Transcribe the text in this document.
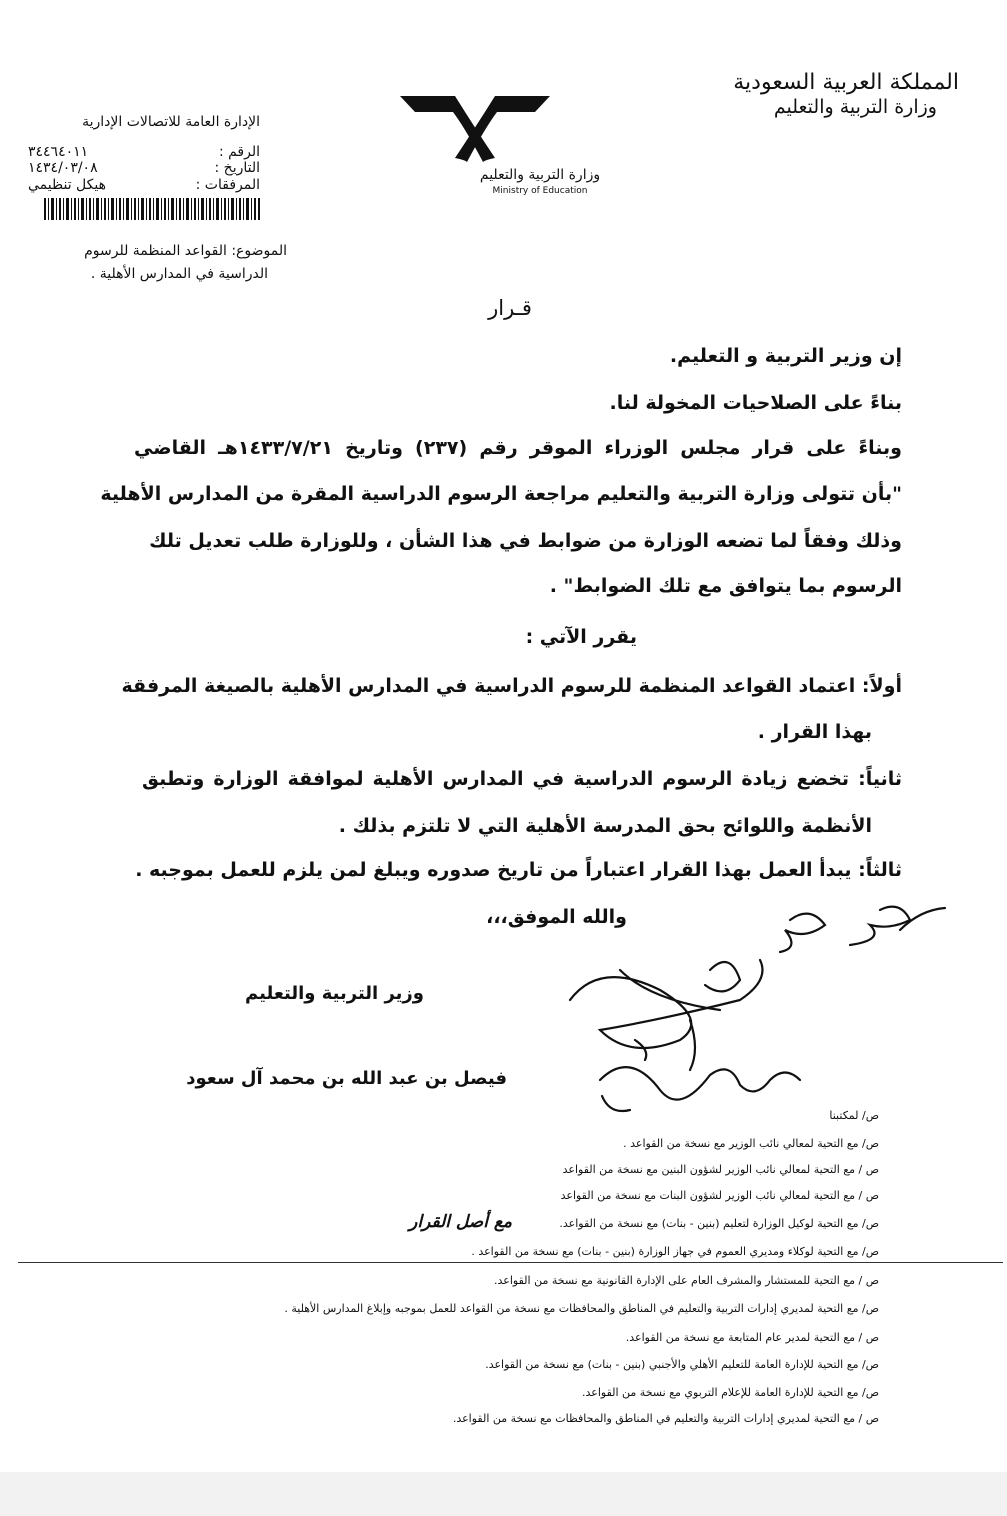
المملكة العربية السعودية
وزارة التربية والتعليم
وزارة التربية والتعليم
Ministry of Education
الإدارة العامة للاتصالات الإدارية
الرقم :
٣٤٤٦٤٠١١
التاريخ :
١٤٣٤/٠٣/٠٨
المرفقات :
هيكل تنظيمي
الموضوع: القواعد المنظمة للرسوم
الدراسية في المدارس الأهلية .
قـرار
إن وزير التربية و التعليم.
بناءً على الصلاحيات المخولة لنا.
وبناءً على قرار مجلس الوزراء الموقر رقم (٢٣٧) وتاريخ ١٤٣٣/٧/٢١هـ القاضي
"بأن تتولى وزارة التربية والتعليم مراجعة الرسوم الدراسية المقرة من المدارس الأهلية
وذلك وفقاً لما تضعه الوزارة من ضوابط في هذا الشأن ، وللوزارة طلب تعديل تلك
الرسوم بما يتوافق مع تلك الضوابط" .
يقرر الآتي :
أولاً: اعتماد القواعد المنظمة للرسوم الدراسية في المدارس الأهلية بالصيغة المرفقة
بهذا القرار .
ثانياً: تخضع زيادة الرسوم الدراسية في المدارس الأهلية لموافقة الوزارة وتطبق
الأنظمة واللوائح بحق المدرسة الأهلية التي لا تلتزم بذلك .
ثالثاً: يبدأ العمل بهذا القرار اعتباراً من تاريخ صدوره ويبلغ لمن يلزم للعمل بموجبه .
والله الموفق،،،
وزير التربية والتعليم
فيصل بن عبد الله بن محمد آل سعود
ص/ لمكتبنا
ص/ مع التحية لمعالي نائب الوزير مع نسخة من القواعد .
ص / مع التحية لمعالي نائب الوزير لشؤون البنين مع نسخة من القواعد
ص / مع التحية لمعالي نائب الوزير لشؤون البنات مع نسخة من القواعد
ص/ مع التحية لوكيل الوزارة لتعليم (بنين - بنات) مع نسخة من القواعد.
ص/ مع التحية لوكلاء ومديري العموم في جهاز الوزارة (بنين - بنات) مع نسخة من القواعد .
ص / مع التحية للمستشار والمشرف العام على الإدارة القانونية مع نسخة من القواعد.
ص/ مع التحية لمديري إدارات التربية والتعليم في المناطق والمحافظات مع نسخة من القواعد للعمل بموجبه وإبلاغ المدارس الأهلية .
ص / مع التحية لمدير عام المتابعة مع نسخة من القواعد.
ص/ مع التحية للإدارة العامة للتعليم الأهلي والأجنبي (بنين - بنات) مع نسخة من القواعد.
ص/ مع التحية للإدارة العامة للإعلام التربوي مع نسخة من القواعد.
ص / مع التحية لمديري إدارات التربية والتعليم في المناطق والمحافظات مع نسخة من القواعد.
مع أصل القرار
